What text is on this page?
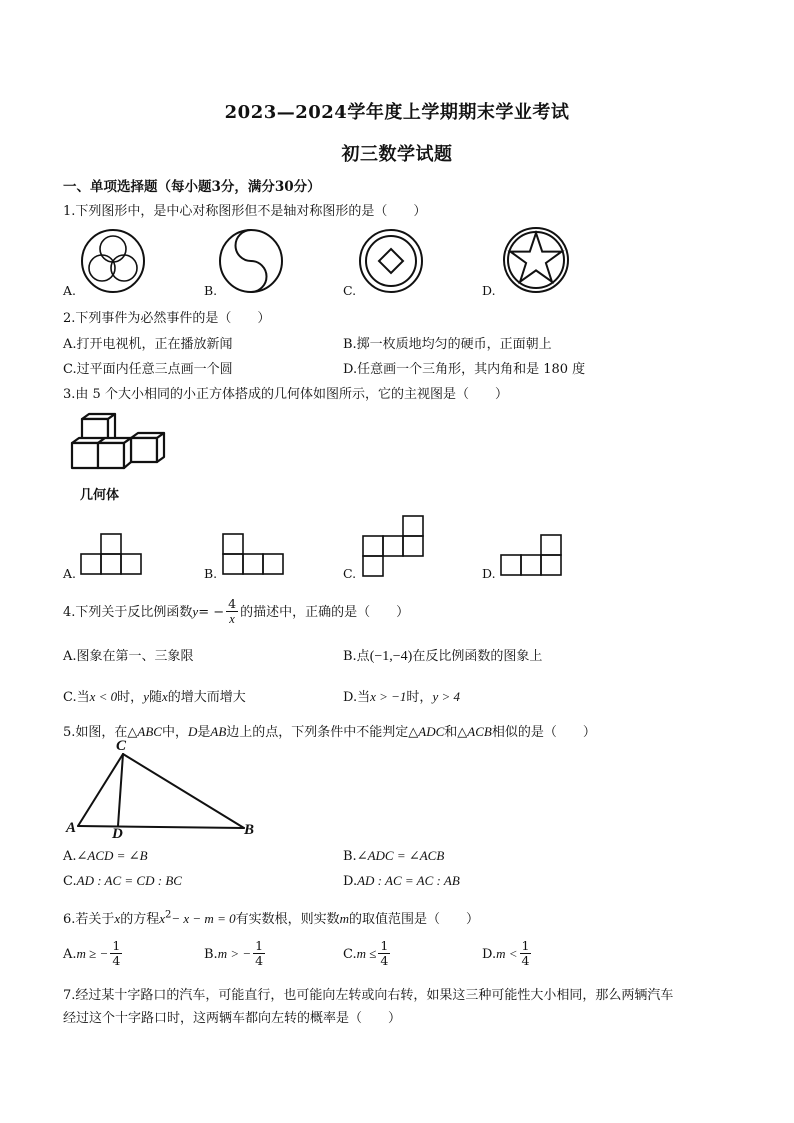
2023—2024学年度上学期期末学业考试
初三数学试题
一、单项选择题（每小题3分，满分30分）
1.下列图形中，是中心对称图形但不是轴对称图形的是（　　）
A.	B.	C.	D.
2.下列事件为必然事件的是（　　）
A.打开电视机，正在播放新闻	B.掷一枚质地均匀的硬币，正面朝上
C.过平面内任意三点画一个圆	D.任意画一个三角形，其内角和是 180 度
3.由 5 个大小相同的小正方体搭成的几何体如图所示，它的主视图是（　　）
几何体
A.	B.	C.	D.
4.下列关于反比例函数$y= - \frac{4}{x}$ 的描述中，正确的是（　　）
A.图象在第一、三象限	B.点(−1,−4)在反比例函数的图象上
C.当x < 0时，y随x的增大而增大	D.当x > −1时，y > 4
5.如图，在△ABC中，D是AB边上的点，下列条件中不能判定△ADC和△ACB相似的是（　　）
C
A D	B
A.∠ACD = ∠B	B.∠ADC = ∠ACB
C.AD : AC = CD : BC	D.AD : AC = AC : AB
6.若关于x的方程$x^2- x - m = 0$有实数根，则实数m的取值范围是（　　）
A.m ≥ − $\frac{1}{4}$	B.m > − $\frac{1}{4}$	$C.m \le \frac{1}{4}$	$D.m < \frac{1}{4}$
7.经过某十字路口的汽车，可能直行，也可能向左转或向右转，如果这三种可能性大小相同，那么两辆汽车
经过这个十字路口时，这两辆车都向左转的概率是（　　）
